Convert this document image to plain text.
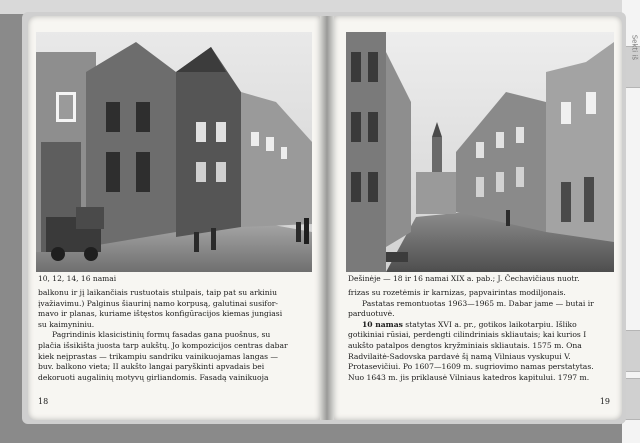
Sekti iš
10, 12, 14, 16 namai
balkonu ir jį laikančiais rustuotais stulpais, taip pat su arkiniu
įvažiavimu.) Palginus šiaurinį namo korpusą, galutinai susifor-
mavo ir planas, kuriame ištęstos konfigūracijos kiemas jungiasi
su kaimyniniu.
Pagrindinis klasicistinių formų fasadas gana puošnus, su
plačia išsikišta juosta tarp aukštų. Jo kompozicijos centras dabar
kiek neįprastas — trikampiu sandriku vainikuojamas langas —
buv. balkono vieta; II aukšto langai paryškinti apvadais bei
dekoruoti augalinių motyvų girliandomis. Fasadą vainikuoja
18
Dešinėje — 18 ir 16 namai XIX a. pab.; J. Čechavičiaus nuotr.
frizas su rozetėmis ir karnizas, papvairintas modiljonais.
Pastatas remontuotas 1963—1965 m. Dabar jame — butai ir
parduotuvė.
10 namas statytas XVI a. pr., gotikos laikotarpiu. Išliko
gotikiniai rūsiai, perdengti cilindriniais skliautais; kai kurios I
aukšto patalpos dengtos kryžminiais skliautais. 1575 m. Ona
Radvilaitė-Sadovska pardavė šį namą Vilniaus vyskupui V.
Protasevičiui. Po 1607—1609 m. sugriovimo namas perstatytas.
Nuo 1643 m. jis priklausė Vilniaus katedros kapitului. 1797 m.
19
